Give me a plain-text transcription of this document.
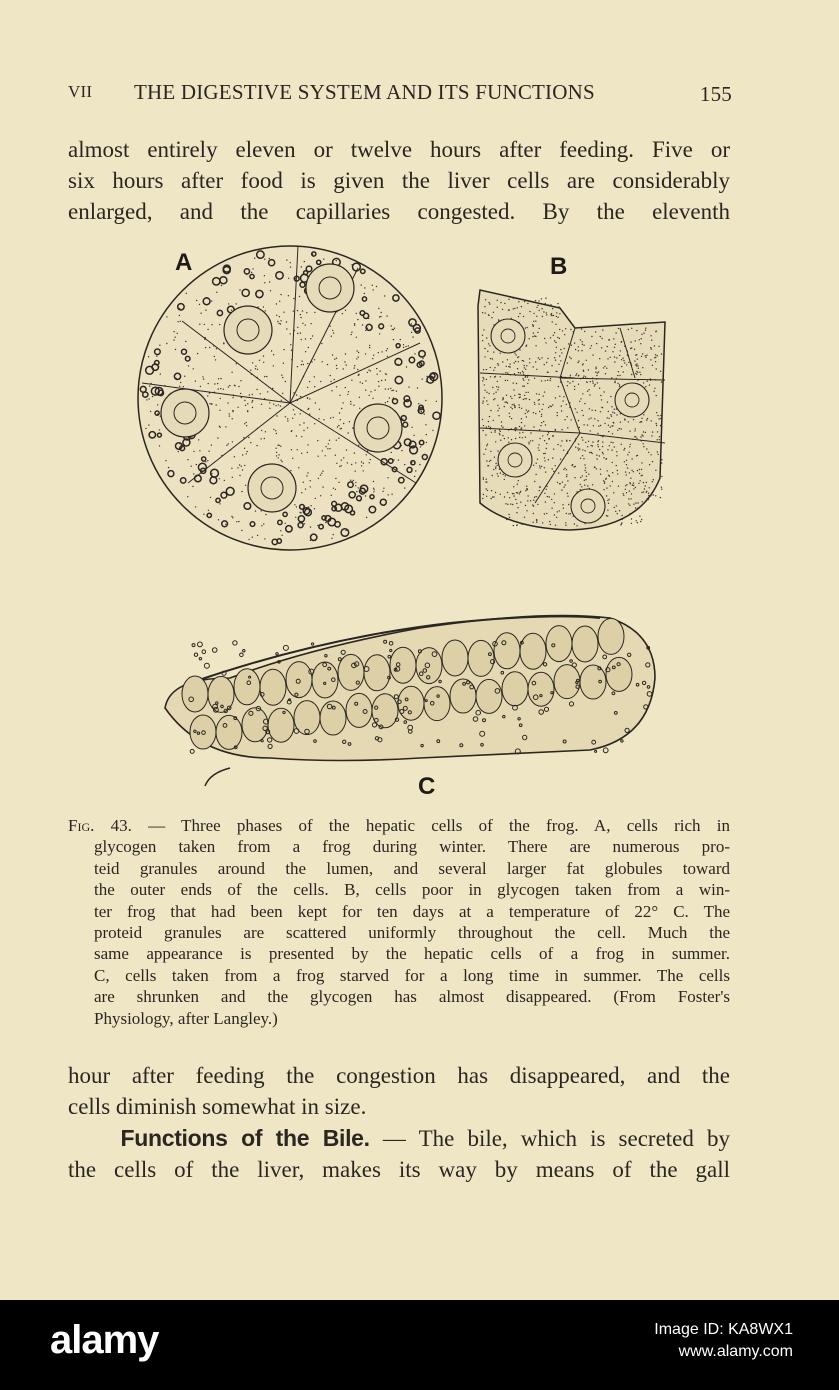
VII THE DIGESTIVE SYSTEM AND ITS FUNCTIONS	155
almost entirely eleven or twelve hours after feeding. Five or
six hours after food is given the liver cells are considerably
enlarged, and the capillaries congested. By the eleventh
A	B
C
Fig. 43. — Three phases of the hepatic cells of the frog. A, cells rich in
glycogen taken from a frog during winter. There are numerous pro-
teid granules around the lumen, and several larger fat globules toward
the outer ends of the cells. B, cells poor in glycogen taken from a win-
ter frog that had been kept for ten days at a temperature of 22° C. The
proteid granules are scattered uniformly throughout the cell. Much the
same appearance is presented by the hepatic cells of a frog in summer.
C, cells taken from a frog starved for a long time in summer. The cells
are shrunken and the glycogen has almost disappeared. (From Foster's
Physiology, after Langley.)
hour after feeding the congestion has disappeared, and the
cells diminish somewhat in size.
Functions of the Bile. — The bile, which is secreted by
the cells of the liver, makes its way by means of the gall
alamy	Image ID: KA8WX1
www.alamy.com
